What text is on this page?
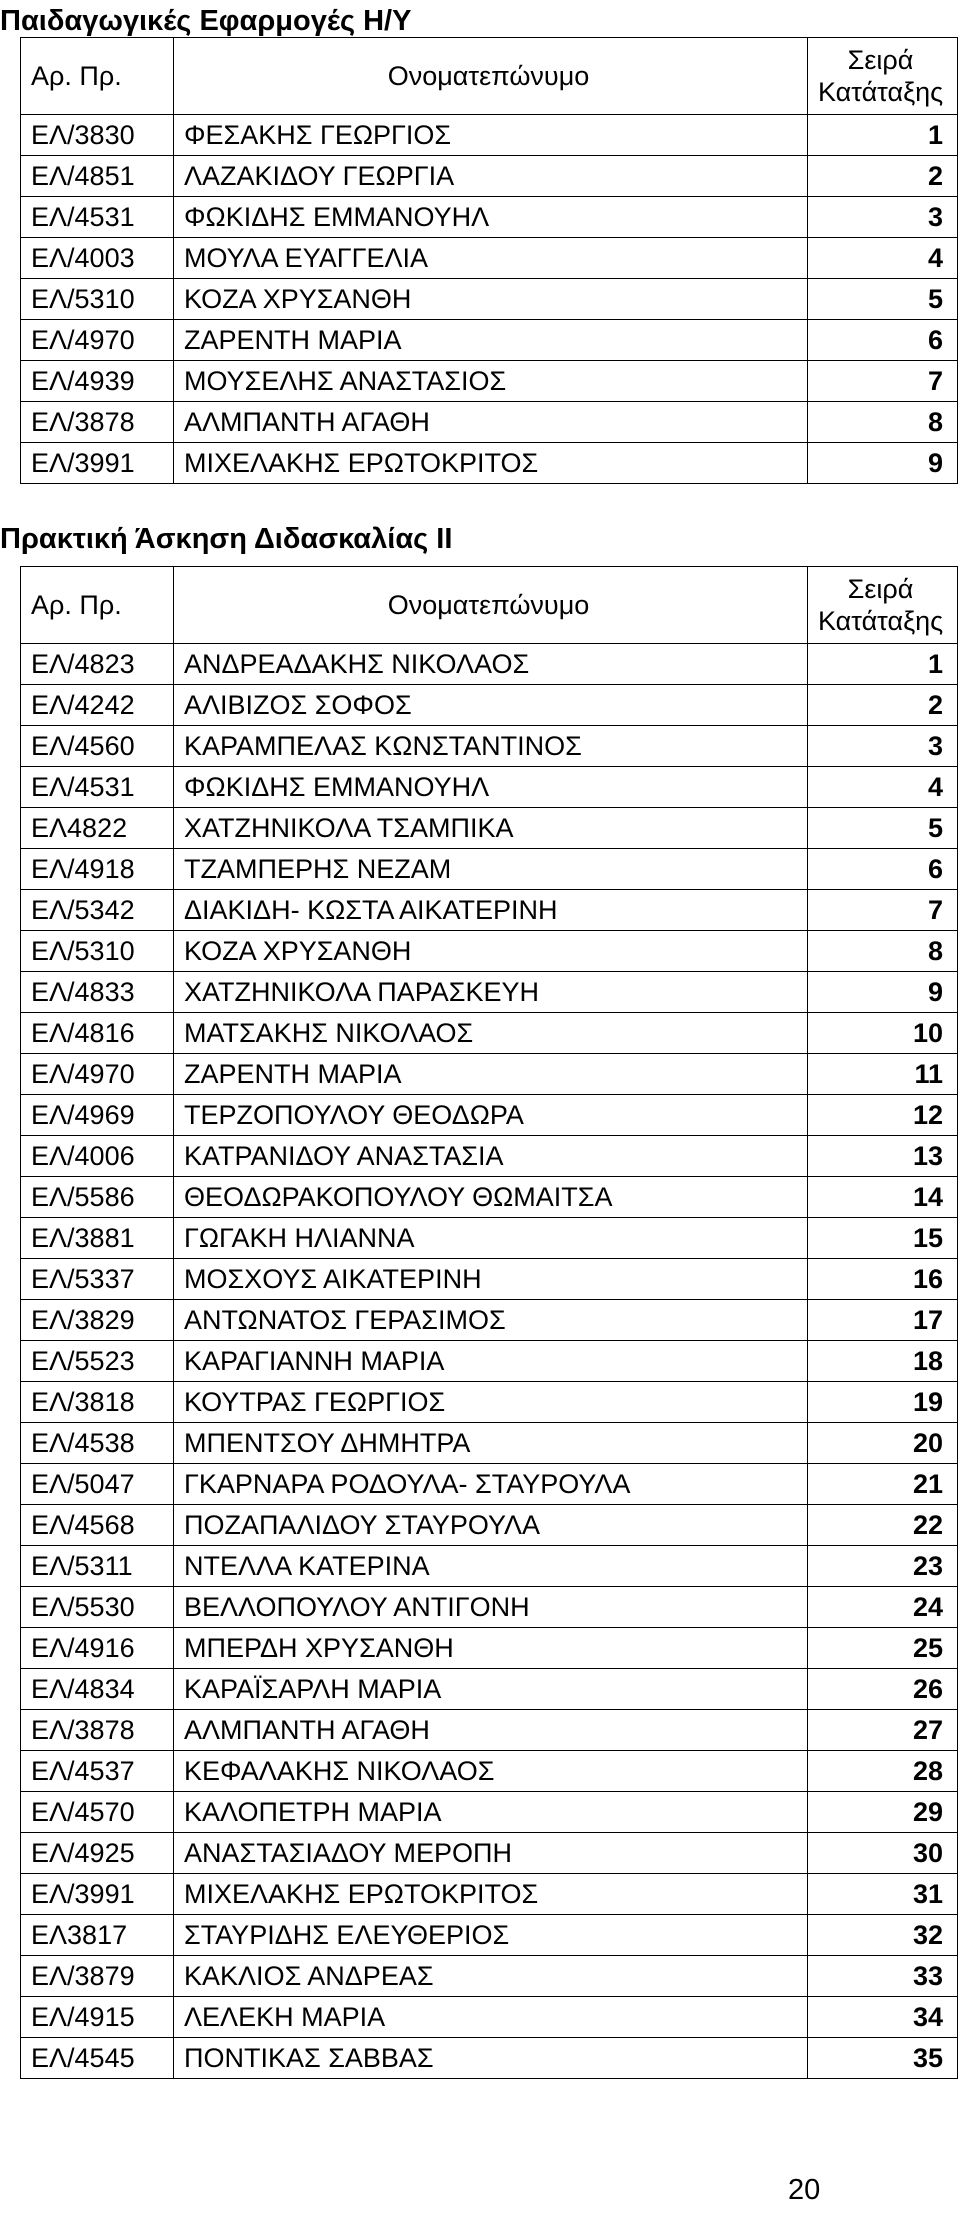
Παιδαγωγικές Εφαρμογές Η/Υ
Αρ. Πρ.	Ονοματεπώνυμο	Σειρά
Κατάταξης
ΕΛ/3830	ΦΕΣΑΚΗΣ ΓΕΩΡΓΙΟΣ	1
ΕΛ/4851	ΛΑΖΑΚΙΔΟΥ ΓΕΩΡΓΙΑ	2
ΕΛ/4531	ΦΩΚΙΔΗΣ ΕΜΜΑΝΟΥΗΛ	3
ΕΛ/4003	ΜΟΥΛΑ ΕΥΑΓΓΕΛΙΑ	4
ΕΛ/5310	ΚΟΖΑ ΧΡΥΣΑΝΘΗ	5
ΕΛ/4970	ΖΑΡΕΝΤΗ ΜΑΡΙΑ	6
ΕΛ/4939	ΜΟΥΣΕΛΗΣ ΑΝΑΣΤΑΣΙΟΣ	7
ΕΛ/3878	ΑΛΜΠΑΝΤΗ ΑΓΑΘΗ	8
ΕΛ/3991	ΜΙΧΕΛΑΚΗΣ ΕΡΩΤΟΚΡΙΤΟΣ	9
Πρακτική Άσκηση Διδασκαλίας ΙΙ
Αρ. Πρ.	Ονοματεπώνυμο	Σειρά
Κατάταξης
ΕΛ/4823	ΑΝΔΡΕΑΔΑΚΗΣ ΝΙΚΟΛΑΟΣ	1
ΕΛ/4242	ΑΛΙΒΙΖΟΣ ΣΟΦΟΣ	2
ΕΛ/4560	ΚΑΡΑΜΠΕΛΑΣ ΚΩΝΣΤΑΝΤΙΝΟΣ	3
ΕΛ/4531	ΦΩΚΙΔΗΣ ΕΜΜΑΝΟΥΗΛ	4
ΕΛ4822	ΧΑΤΖΗΝΙΚΟΛΑ ΤΣΑΜΠΙΚΑ	5
ΕΛ/4918	ΤΖΑΜΠΕΡΗΣ ΝΕΖΑΜ	6
ΕΛ/5342	ΔΙΑΚΙΔΗ- ΚΩΣΤΑ ΑΙΚΑΤΕΡΙΝΗ	7
ΕΛ/5310	ΚΟΖΑ ΧΡΥΣΑΝΘΗ	8
ΕΛ/4833	ΧΑΤΖΗΝΙΚΟΛΑ ΠΑΡΑΣΚΕΥΗ	9
ΕΛ/4816	ΜΑΤΣΑΚΗΣ ΝΙΚΟΛΑΟΣ	10
ΕΛ/4970	ΖΑΡΕΝΤΗ ΜΑΡΙΑ	11
ΕΛ/4969	ΤΕΡΖΟΠΟΥΛΟΥ ΘΕΟΔΩΡΑ	12
ΕΛ/4006	ΚΑΤΡΑΝΙΔΟΥ ΑΝΑΣΤΑΣΙΑ	13
ΕΛ/5586	ΘΕΟΔΩΡΑΚΟΠΟΥΛΟΥ ΘΩΜΑΙΤΣΑ	14
ΕΛ/3881	ΓΩΓΑΚΗ ΗΛΙΑΝΝΑ	15
ΕΛ/5337	ΜΟΣΧΟΥΣ ΑΙΚΑΤΕΡΙΝΗ	16
ΕΛ/3829	ΑΝΤΩΝΑΤΟΣ ΓΕΡΑΣΙΜΟΣ	17
ΕΛ/5523	ΚΑΡΑΓΙΑΝΝΗ ΜΑΡΙΑ	18
ΕΛ/3818	ΚΟΥΤΡΑΣ ΓΕΩΡΓΙΟΣ	19
ΕΛ/4538	ΜΠΕΝΤΣΟΥ ΔΗΜΗΤΡΑ	20
ΕΛ/5047	ΓΚΑΡΝΑΡΑ ΡΟΔΟΥΛΑ- ΣΤΑΥΡΟΥΛΑ	21
ΕΛ/4568	ΠΟΖΑΠΑΛΙΔΟΥ ΣΤΑΥΡΟΥΛΑ	22
ΕΛ/5311	ΝΤΕΛΛΑ ΚΑΤΕΡΙΝΑ	23
ΕΛ/5530	ΒΕΛΛΟΠΟΥΛΟΥ ΑΝΤΙΓΟΝΗ	24
ΕΛ/4916	ΜΠΕΡΔΗ ΧΡΥΣΑΝΘΗ	25
ΕΛ/4834	ΚΑΡΑΪΣΑΡΛΗ ΜΑΡΙΑ	26
ΕΛ/3878	ΑΛΜΠΑΝΤΗ ΑΓΑΘΗ	27
ΕΛ/4537	ΚΕΦΑΛΑΚΗΣ ΝΙΚΟΛΑΟΣ	28
ΕΛ/4570	ΚΑΛΟΠΕΤΡΗ ΜΑΡΙΑ	29
ΕΛ/4925	ΑΝΑΣΤΑΣΙΑΔΟΥ ΜΕΡΟΠΗ	30
ΕΛ/3991	ΜΙΧΕΛΑΚΗΣ ΕΡΩΤΟΚΡΙΤΟΣ	31
ΕΛ3817	ΣΤΑΥΡΙΔΗΣ ΕΛΕΥΘΕΡΙΟΣ	32
ΕΛ/3879	ΚΑΚΛΙΟΣ ΑΝΔΡΕΑΣ	33
ΕΛ/4915	ΛΕΛΕΚΗ ΜΑΡΙΑ	34
ΕΛ/4545	ΠΟΝΤΙΚΑΣ ΣΑΒΒΑΣ	35
20
